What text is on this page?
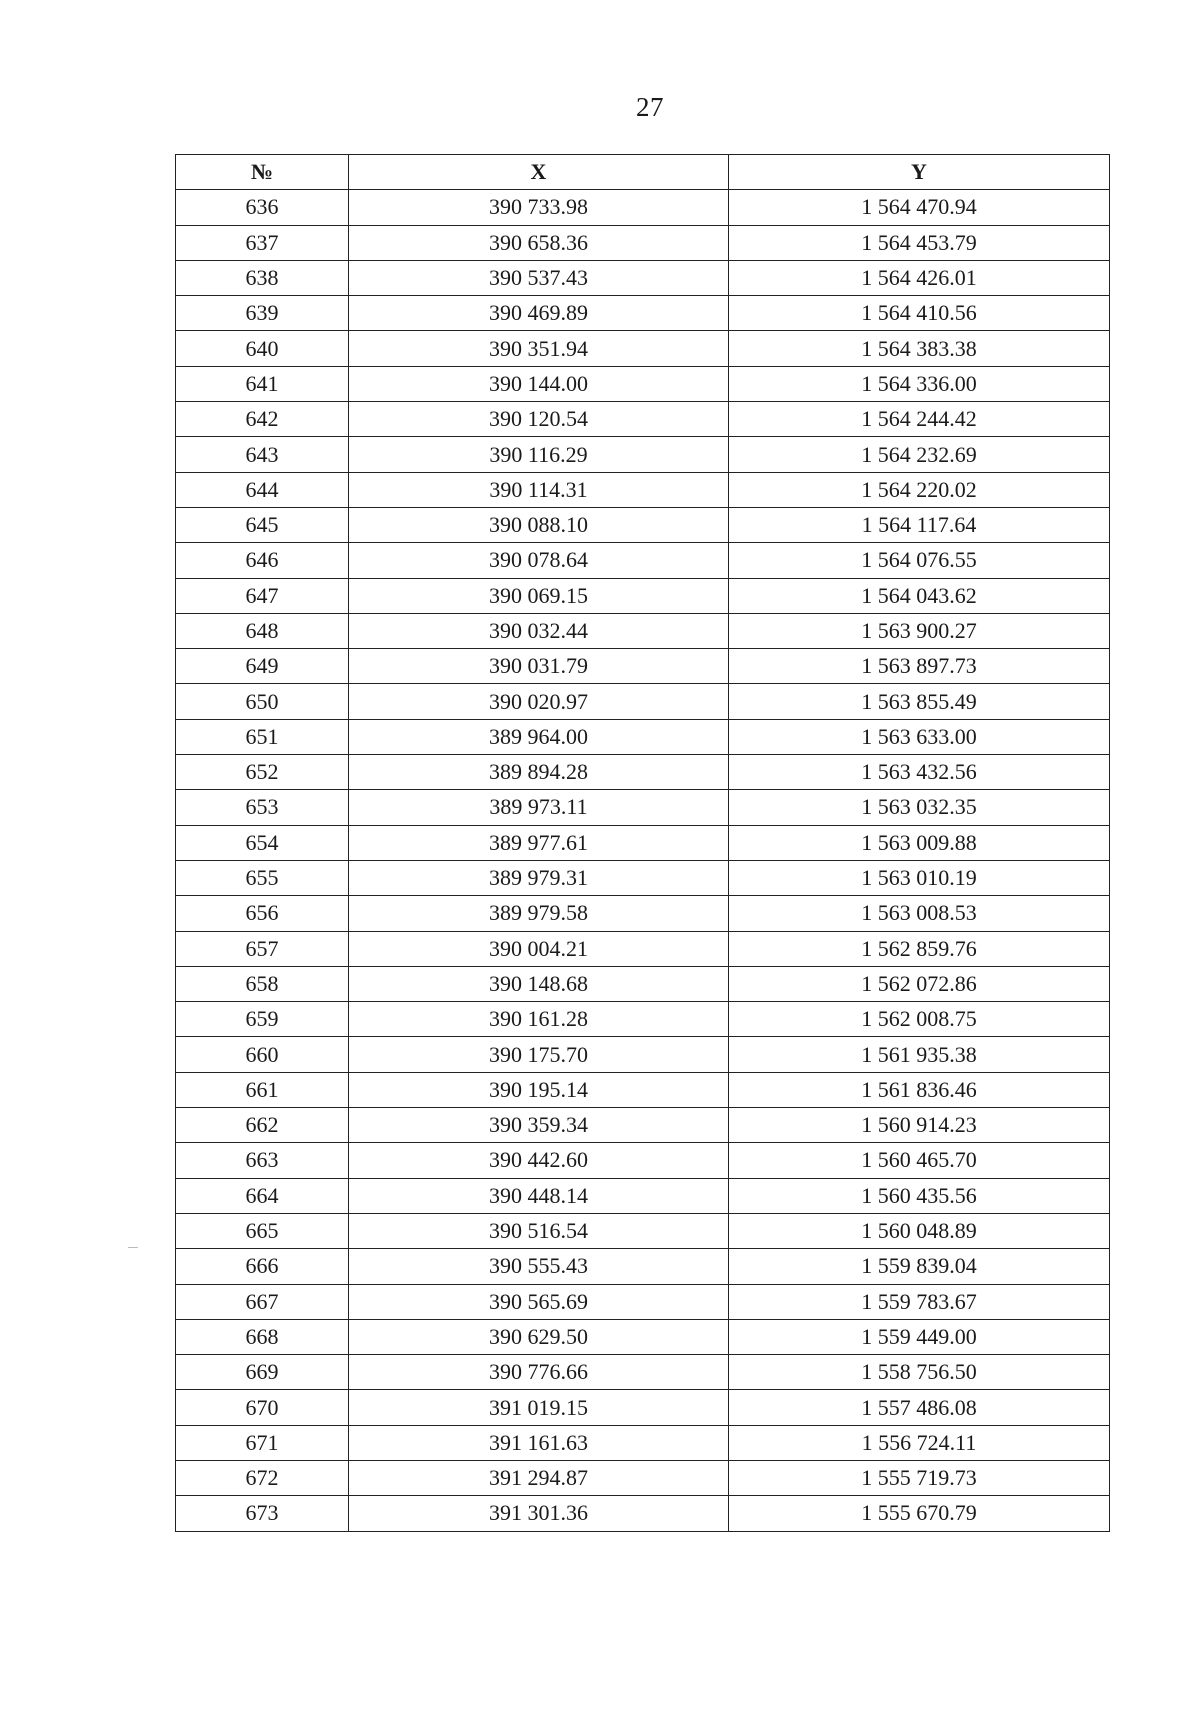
27
№	X	Y
636	390 733.98	1 564 470.94
637	390 658.36	1 564 453.79
638	390 537.43	1 564 426.01
639	390 469.89	1 564 410.56
640	390 351.94	1 564 383.38
641	390 144.00	1 564 336.00
642	390 120.54	1 564 244.42
643	390 116.29	1 564 232.69
644	390 114.31	1 564 220.02
645	390 088.10	1 564 117.64
646	390 078.64	1 564 076.55
647	390 069.15	1 564 043.62
648	390 032.44	1 563 900.27
649	390 031.79	1 563 897.73
650	390 020.97	1 563 855.49
651	389 964.00	1 563 633.00
652	389 894.28	1 563 432.56
653	389 973.11	1 563 032.35
654	389 977.61	1 563 009.88
655	389 979.31	1 563 010.19
656	389 979.58	1 563 008.53
657	390 004.21	1 562 859.76
658	390 148.68	1 562 072.86
659	390 161.28	1 562 008.75
660	390 175.70	1 561 935.38
661	390 195.14	1 561 836.46
662	390 359.34	1 560 914.23
663	390 442.60	1 560 465.70
664	390 448.14	1 560 435.56
665	390 516.54	1 560 048.89
666	390 555.43	1 559 839.04
667	390 565.69	1 559 783.67
668	390 629.50	1 559 449.00
669	390 776.66	1 558 756.50
670	391 019.15	1 557 486.08
671	391 161.63	1 556 724.11
672	391 294.87	1 555 719.73
673	391 301.36	1 555 670.79
